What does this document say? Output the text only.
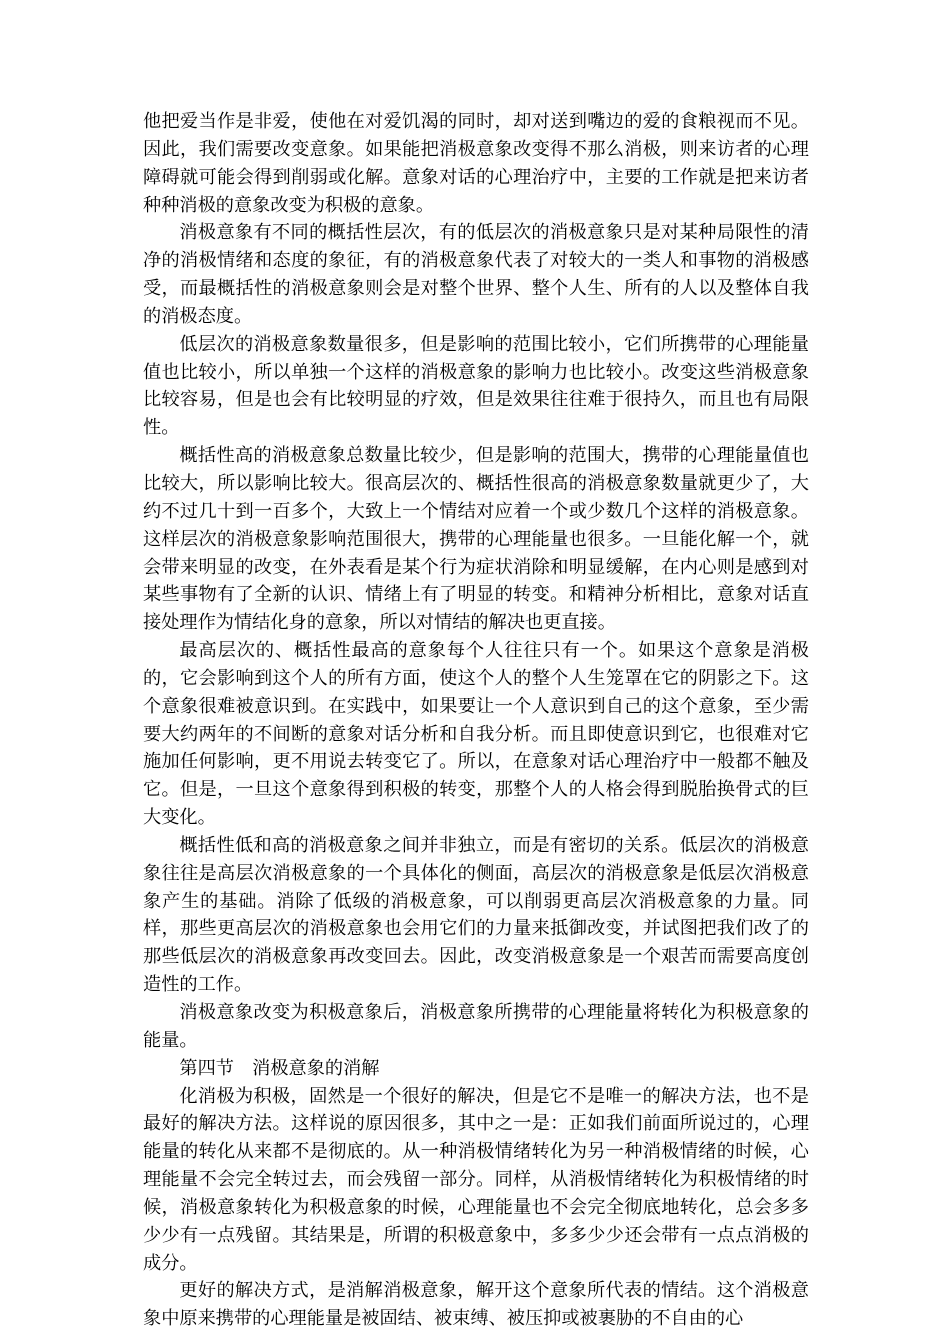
他把爱当作是非爱，使他在对爱饥渴的同时，却对送到嘴边的爱的食粮视而不见。因此，我们需要改变意象。如果能把消极意象改变得不那么消极，则来访者的心理障碍就可能会得到削弱或化解。意象对话的心理治疗中，主要的工作就是把来访者种种消极的意象改变为积极的意象。

消极意象有不同的概括性层次，有的低层次的消极意象只是对某种局限性的清净的消极情绪和态度的象征，有的消极意象代表了对较大的一类人和事物的消极感受，而最概括性的消极意象则会是对整个世界、整个人生、所有的人以及整体自我的消极态度。

低层次的消极意象数量很多，但是影响的范围比较小，它们所携带的心理能量值也比较小，所以单独一个这样的消极意象的影响力也比较小。改变这些消极意象比较容易，但是也会有比较明显的疗效，但是效果往往难于很持久，而且也有局限性。

概括性高的消极意象总数量比较少，但是影响的范围大，携带的心理能量值也比较大，所以影响比较大。很高层次的、概括性很高的消极意象数量就更少了，大约不过几十到一百多个，大致上一个情结对应着一个或少数几个这样的消极意象。这样层次的消极意象影响范围很大，携带的心理能量也很多。一旦能化解一个，就会带来明显的改变，在外表看是某个行为症状消除和明显缓解，在内心则是感到对某些事物有了全新的认识、情绪上有了明显的转变。和精神分析相比，意象对话直接处理作为情结化身的意象，所以对情结的解决也更直接。

最高层次的、概括性最高的意象每个人往往只有一个。如果这个意象是消极的，它会影响到这个人的所有方面，使这个人的整个人生笼罩在它的阴影之下。这个意象很难被意识到。在实践中，如果要让一个人意识到自己的这个意象，至少需要大约两年的不间断的意象对话分析和自我分析。而且即使意识到它，也很难对它施加任何影响，更不用说去转变它了。所以，在意象对话心理治疗中一般都不触及它。但是，一旦这个意象得到积极的转变，那整个人的人格会得到脱胎换骨式的巨大变化。

概括性低和高的消极意象之间并非独立，而是有密切的关系。低层次的消极意象往往是高层次消极意象的一个具体化的侧面，高层次的消极意象是低层次消极意象产生的基础。消除了低级的消极意象，可以削弱更高层次消极意象的力量。同样，那些更高层次的消极意象也会用它们的力量来抵御改变，并试图把我们改了的那些低层次的消极意象再改变回去。因此，改变消极意象是一个艰苦而需要高度创造性的工作。

消极意象改变为积极意象后，消极意象所携带的心理能量将转化为积极意象的能量。

第四节 消极意象的消解

化消极为积极，固然是一个很好的解决，但是它不是唯一的解决方法，也不是最好的解决方法。这样说的原因很多，其中之一是：正如我们前面所说过的，心理能量的转化从来都不是彻底的。从一种消极情绪转化为另一种消极情绪的时候，心理能量不会完全转过去，而会残留一部分。同样，从消极情绪转化为积极情绪的时候，消极意象转化为积极意象的时候，心理能量也不会完全彻底地转化，总会多多少少有一点残留。其结果是，所谓的积极意象中，多多少少还会带有一点点消极的成分。

更好的解决方式，是消解消极意象，解开这个意象所代表的情结。这个消极意象中原来携带的心理能量是被固结、被束缚、被压抑或被裹胁的不自由的心
